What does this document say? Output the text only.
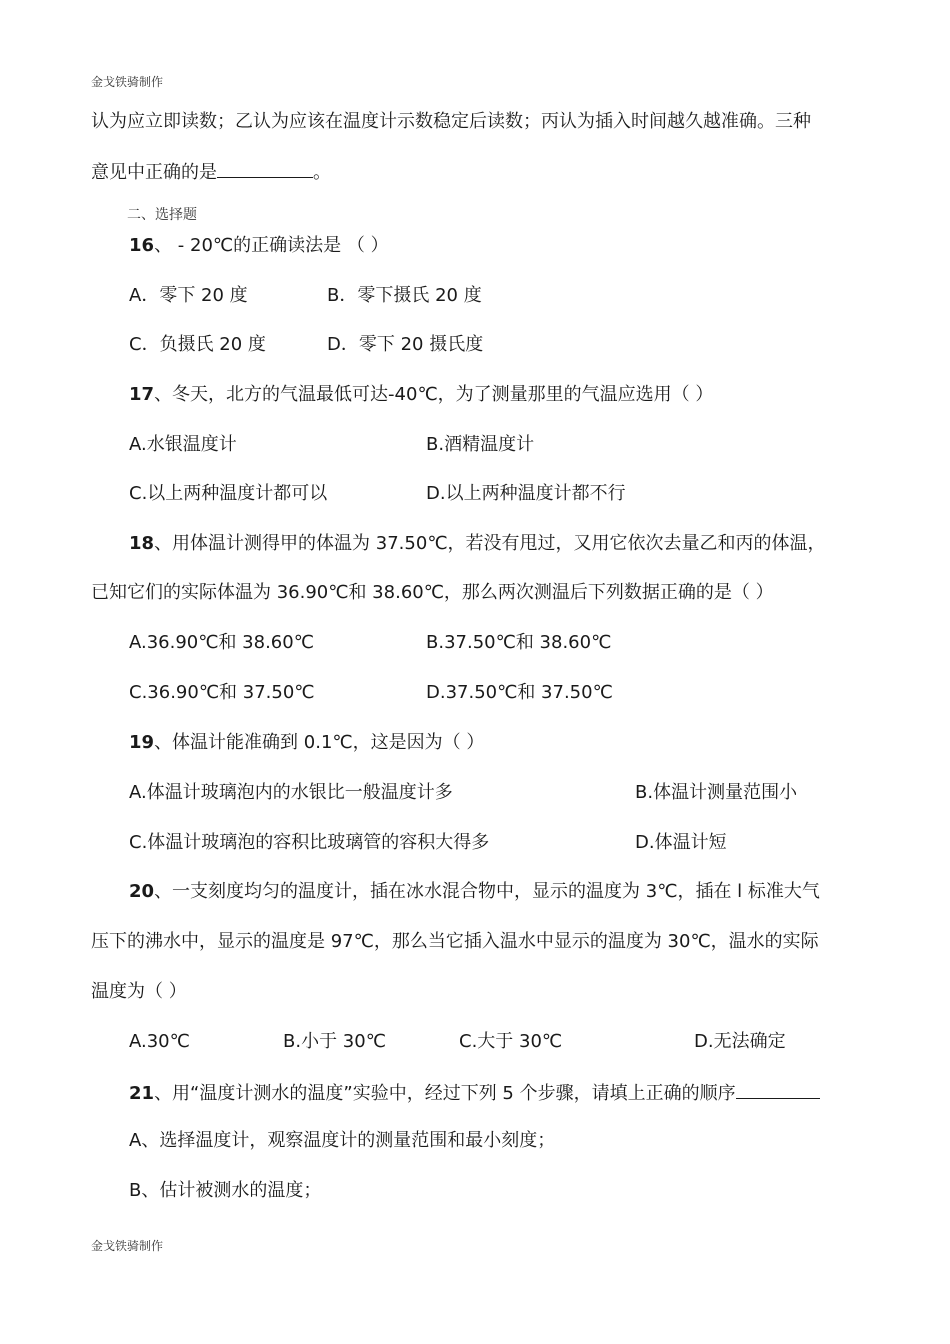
金戈铁骑制作
认为应立即读数；乙认为应该在温度计示数稳定后读数；丙认为插入时间越久越准确。三种
意见中正确的是	。
二、选择题
16、 - 20℃的正确读法是 （ ）
A．零下 20 度	B．零下摄氏 20 度
C．负摄氏 20 度	D．零下 20 摄氏度
17、冬天，北方的气温最低可达-40℃，为了测量那里的气温应选用（ ）
A.水银温度计	B.酒精温度计
C.以上两种温度计都可以	D.以上两种温度计都不行
18、用体温计测得甲的体温为 37.50℃，若没有甩过，又用它依次去量乙和丙的体温，
已知它们的实际体温为 36.90℃和 38.60℃，那么两次测温后下列数据正确的是（ ）
A.36.90℃和 38.60℃	B.37.50℃和 38.60℃
C.36.90℃和 37.50℃	D.37.50℃和 37.50℃
19、体温计能准确到 0.1℃，这是因为（ ）
A.体温计玻璃泡内的水银比一般温度计多	B.体温计测量范围小
C.体温计玻璃泡的容积比玻璃管的容积大得多	D.体温计短
20、一支刻度均匀的温度计，插在冰水混合物中，显示的温度为 3℃，插在 l 标准大气
压下的沸水中，显示的温度是 97℃，那么当它插入温水中显示的温度为 30℃，温水的实际
温度为（ ）
A.30℃	B.小于 30℃	C.大于 30℃	D.无法确定
21、用“温度计测水的温度”实验中，经过下列 5 个步骤，请填上正确的顺序
A、选择温度计，观察温度计的测量范围和最小刻度；
B、估计被测水的温度；
金戈铁骑制作
